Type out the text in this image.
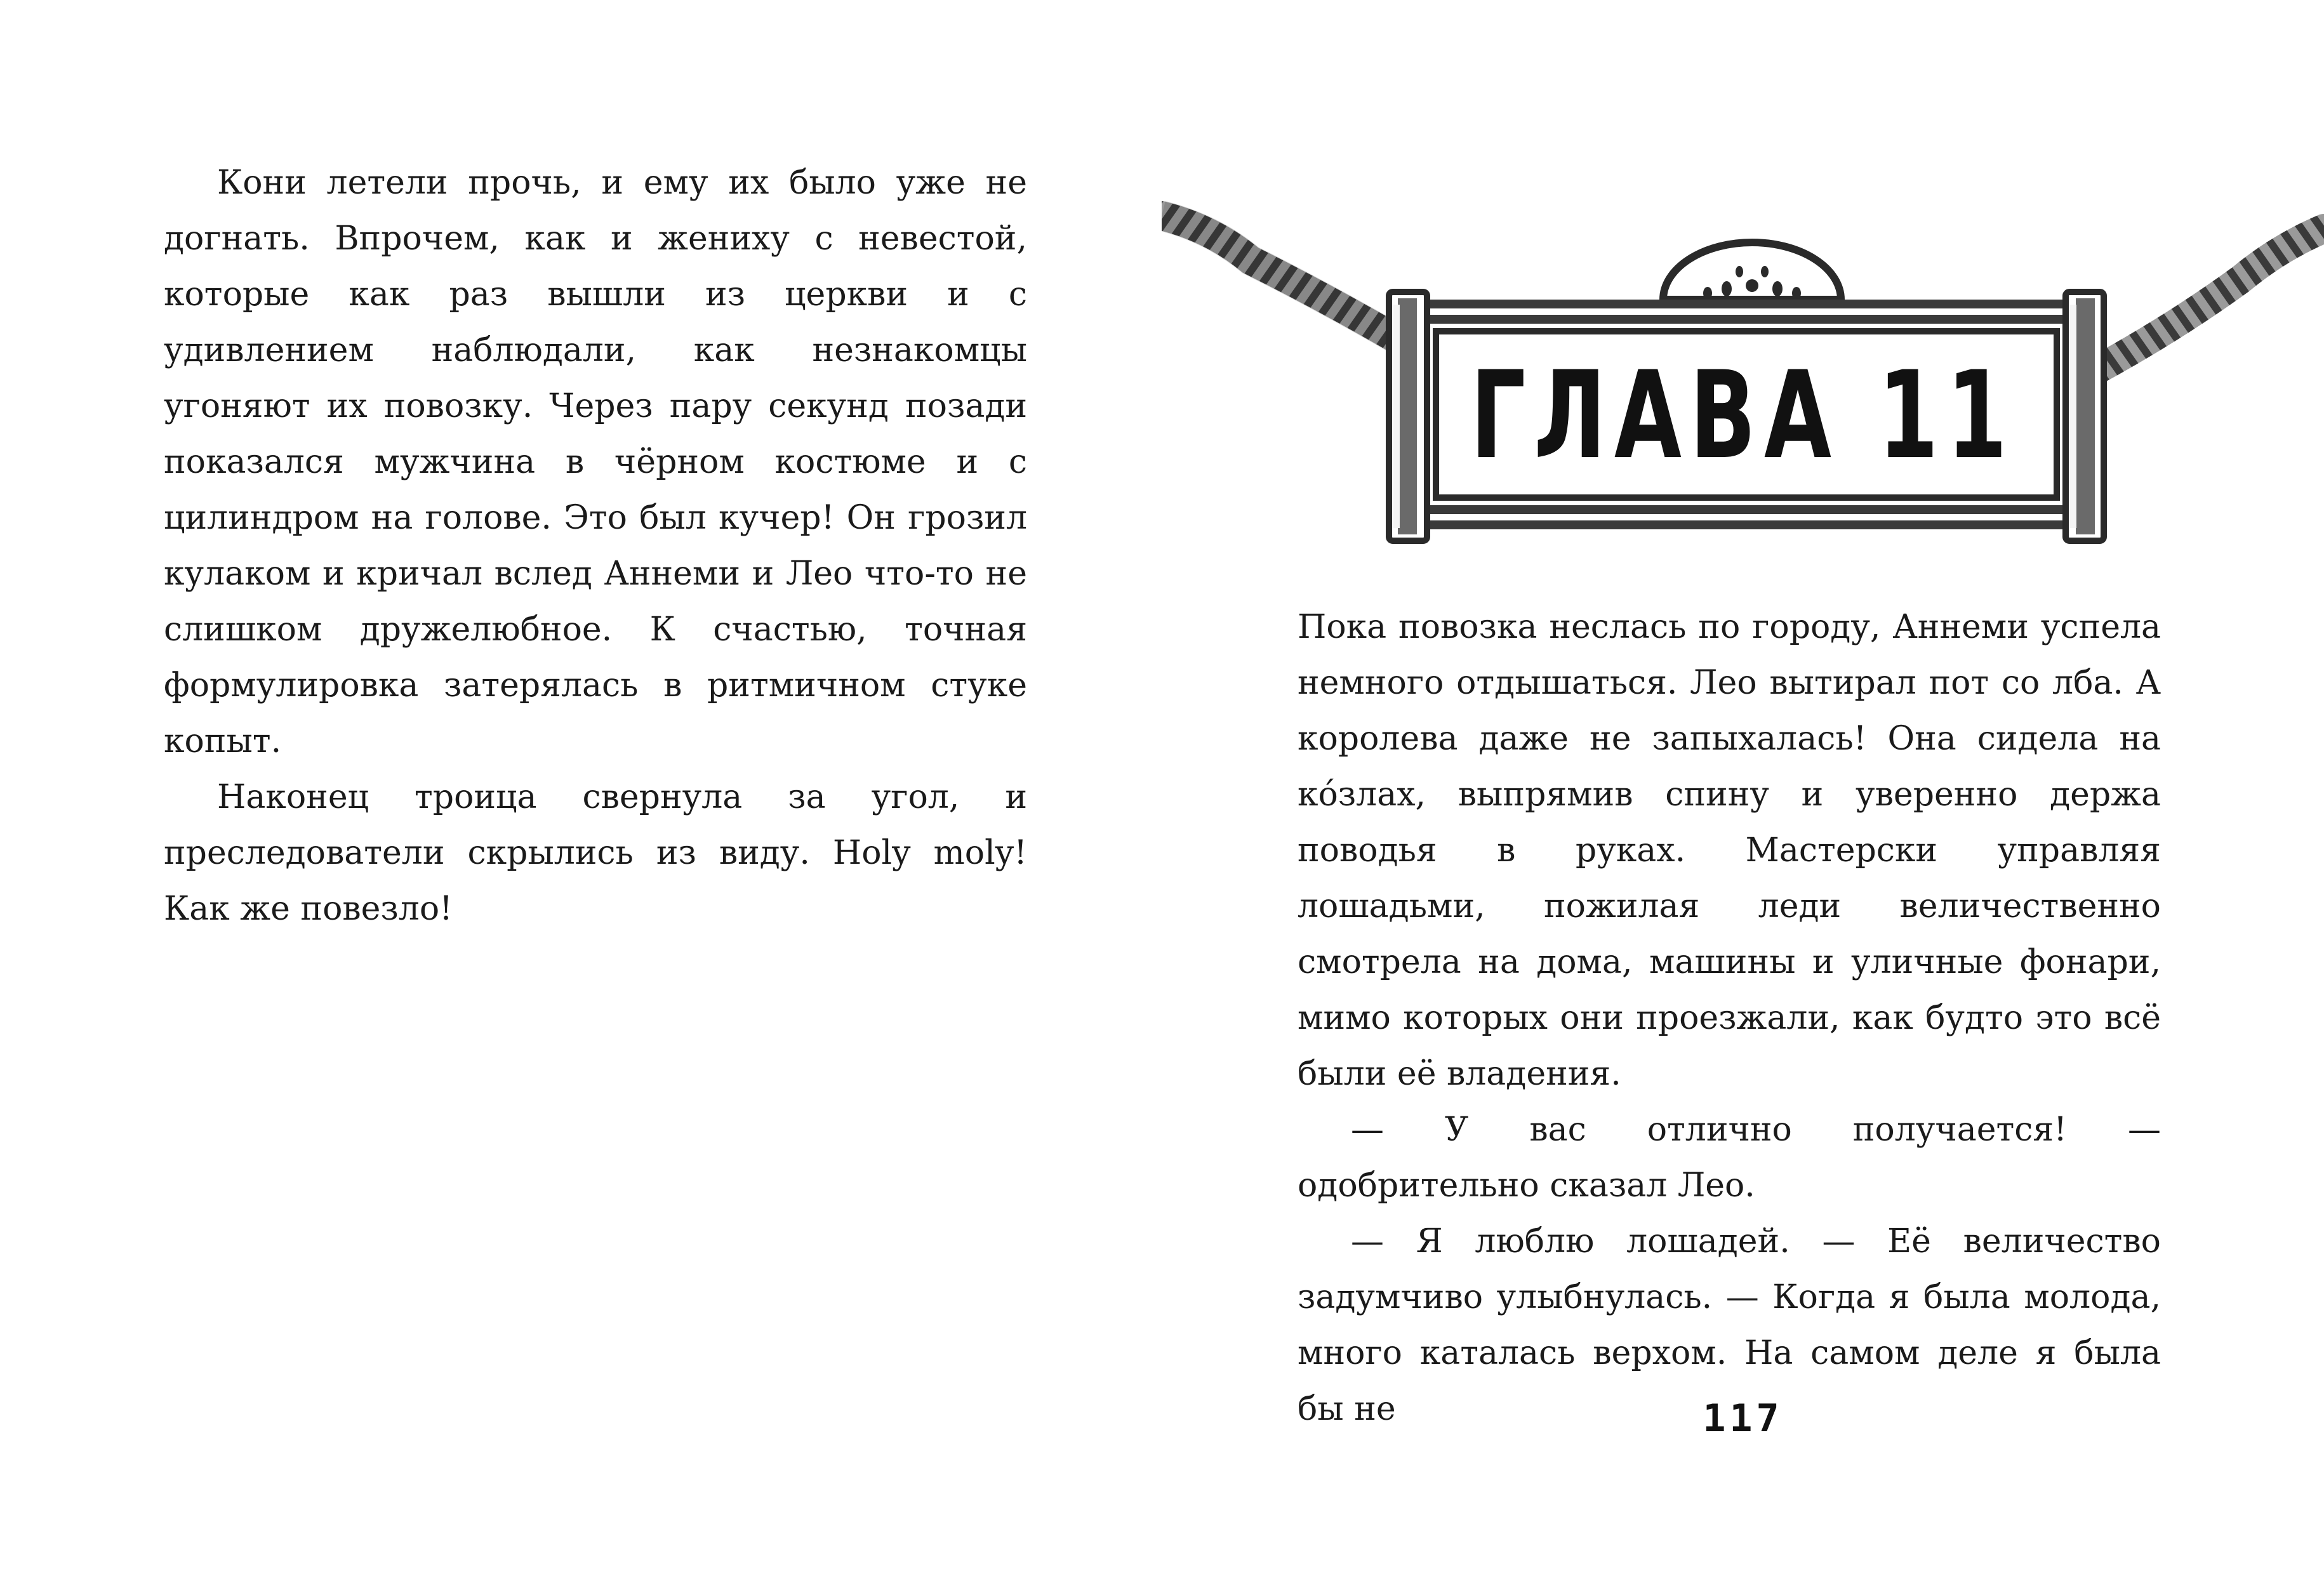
Кони летели прочь, и ему их было уже не догнать. Впрочем, как и жениху с невестой, которые как раз вышли из церкви и с удивлением наблюдали, как незнакомцы угоняют их повозку. Через пару секунд позади показался мужчина в чёрном костюме и с цилиндром на голове. Это был кучер! Он грозил кулаком и кричал вслед Аннеми и Лео что-то не слишком дружелюбное. К счастью, точная формулировка затерялась в ритмичном стуке копыт.

Наконец троица свернула за угол, и преследователи скрылись из виду. Holy moly! Как же повезло!

ГЛАВА 11

Пока повозка неслась по городу, Аннеми успела немного отдышаться. Лео вытирал пот со лба. А королева даже не запыхалась! Она сидела на ко́злах, выпрямив спину и уверенно держа поводья в руках. Мастерски управляя лошадьми, пожилая леди величественно смотрела на дома, машины и уличные фонари, мимо которых они проезжали, как будто это всё были её владения.

— У вас отлично получается! — одобрительно сказал Лео.

— Я люблю лошадей. — Её величество задумчиво улыбнулась. — Когда я была молода, много каталась верхом. На самом деле я была бы не	117
